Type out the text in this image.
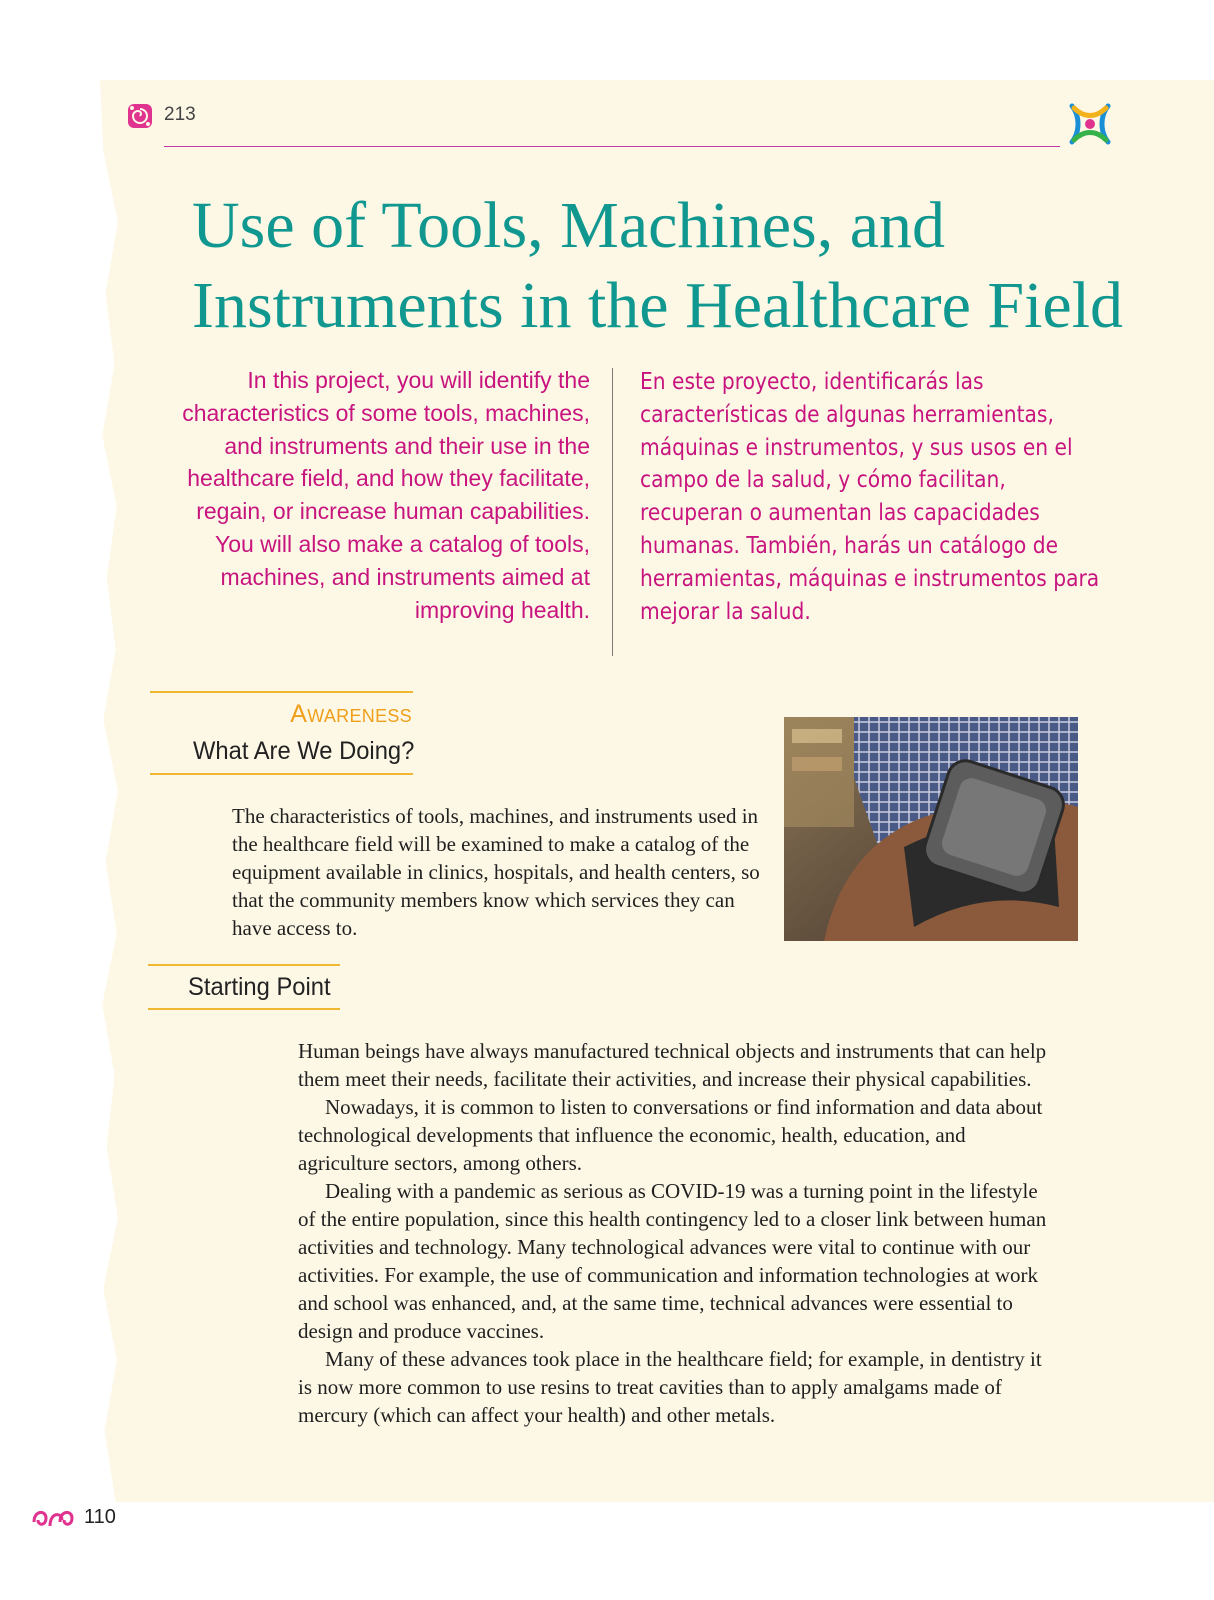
213
Use of Tools, Machines, and
Instruments in the Healthcare Field

In this project, you will identify the characteristics of some tools, machines, and instruments and their use in the healthcare field, and how they facilitate, regain, or increase human capabilities. You will also make a catalog of tools, machines, and instruments aimed at improving health.

En este proyecto, identificarás las características de algunas herramientas, máquinas e instrumentos, y sus usos en el campo de la salud, y cómo facilitan, recuperan o aumentan las capacidades humanas. También, harás un catálogo de herramientas, máquinas e instrumentos para mejorar la salud.

Awareness
What Are We Doing?

The characteristics of tools, machines, and instruments used in the healthcare field will be examined to make a catalog of the equipment available in clinics, hospitals, and health centers, so that the community members know which services they can have access to.

Starting Point

Human beings have always manufactured technical objects and instruments that can help them meet their needs, facilitate their activities, and increase their physical capabilities.

Nowadays, it is common to listen to conversations or find information and data about technological developments that influence the economic, health, education, and agriculture sectors, among others.

Dealing with a pandemic as serious as COVID-19 was a turning point in the lifestyle of the entire population, since this health contingency led to a closer link between human activities and technology. Many technological advances were vital to continue with our activities. For example, the use of communication and information technologies at work and school was enhanced, and, at the same time, technical advances were essential to design and produce vaccines.

Many of these advances took place in the healthcare field; for example, in dentistry it is now more common to use resins to treat cavities than to apply amalgams made of mercury (which can affect your health) and other metals.

110
